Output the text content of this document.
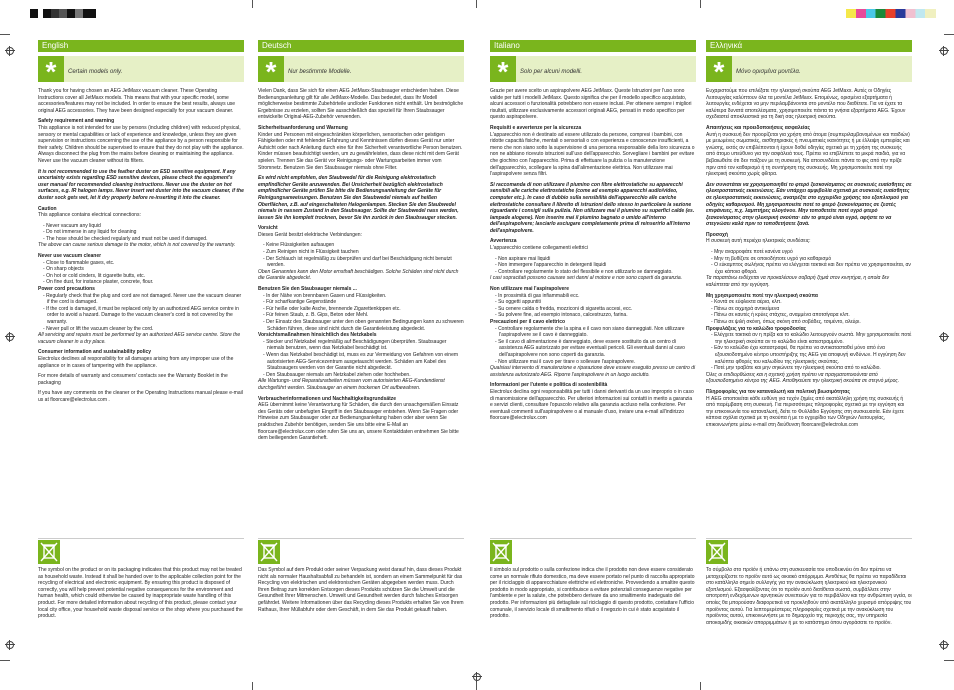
English
*	Certain models only.

Thank you for having chosen an AEG JetMaxx vacuum cleaner. These Operating Instructions cover all JetMaxx models. This means that with your specific model, some accessories/features may not be included. In order to ensure the best results, always use original AEG accessories. They have been designed especially for your vacuum cleaner.

Safety requirement and warning

This appliance is not intended for use by persons (including children) with reduced physical, sensory or mental capabilities or lack of experience and knowledge, unless they are given supervision or instructions concerning the use of the appliance by a person responsible for their safety. Children should be supervised to ensure that they do not play with the appliance. Always disconnect the plug from the mains before cleaning or maintaining the appliance. Never use the vacuum cleaner without its filters.

It is not recommended to use the feather duster on ESD sensitive equipment. If any uncertainty exists regarding ESD sensitive devices, please check the equipment's user manual for recommended cleaning instructions. Never use the duster on hot surfaces, e.g. IR halogen lamps. Never insert wet duster into the vacuum cleaner, if the duster sock gets wet, let it dry properly before re-inserting it into the cleaner.

Caution

This appliance contains electrical connections:

- Never vacuum any liquid
- Do not immerse in any liquid for cleaning
- The hose should be checked regularly and must not be used if damaged.

The above can cause serious damage to the motor, which is not covered by the warranty.

Never use vacuum cleaner

- Close to flammable gases, etc.
- On sharp objects
- On hot or cold cinders, lit cigarette butts, etc.
- On fine dust, for instance plaster, concrete, flour.

Power cord precautions

- Regularly check that the plug and cord are not damaged. Never use the vacuum cleaner if the cord is damaged.
- If the cord is damaged, it must be replaced only by an authorized AEG service centre in order to avoid a hazard. Damage to the vacuum cleaner's cord is not covered by the warranty.
- Never pull or lift the vacuum cleaner by the cord.

All servicing and repairs must be performed by an authorized AEG service centre. Store the vacuum cleaner in a dry place.

Consumer information and sustainability policy

Electrolux declines all responsibility for all damages arising from any improper use of the appliance or in cases of tampering with the appliance.

For more details of warranty and consumers' contacts see the Warranty Booklet in the packaging

If you have any comments on the cleaner or the Operating Instructions manual please e-mail us at floorcare@electrolux.com .

Deutsch
*	Nur bestimmte Modelle.

Vielen Dank, dass Sie sich für einen AEG JetMaxx-Staubsauger entschieden haben. Diese Bedienungsanleitung gilt für alle JetMaxx-Modelle. Das bedeutet, dass Ihr Modell möglicherweise bestimmte Zubehörteile und/oder Funktionen nicht enthält. Um bestmögliche Ergebnisse zu erzielen, sollten Sie ausschließlich das speziell für Ihren Staubsauger entwickelte Original-AEG-Zubehör verwenden.

Sicherheitsanforderung und Warnung

Kinder und Personen mit eingeschränkten körperlichen, sensorischen oder geistigen Fähigkeiten oder mit fehlender Erfahrung und Kenntnissen dürfen dieses Gerät nur unter Aufsicht oder nach Anleitung durch eine für ihre Sicherheit verantwortliche Person benutzen. Kinder müssen beaufsichtigt werden, um zu gewährleisten, dass diese nicht mit dem Gerät spielen. Trennen Sie das Gerät vor Reinigungs- oder Wartungsarbeiten immer vom Stromnetz. Benutzen Sie den Staubsauger niemals ohne Filter.

Es wird nicht empfohlen, den Staubwedel für die Reinigung elektrostatisch empfindlicher Geräte anzuwenden. Bei Unsicherheit bezüglich elektrostatisch empfindlicher Geräte prüfen Sie bitte die Bedienungsanleitung der Geräte für Reinigungsanweisungen. Benutzen Sie den Staubwedel niemals auf heißen Oberflächen, z.B. auf eingeschalteten Halogenlampen. Stecken Sie den Staubwedel niemals in nassem Zustand in den Staubsauger. Sollte der Staubwedel nass werden, lassen Sie ihn komplett trocknen, bevor Sie ihn zurück in den Staubsauger stecken.

Vorsicht

Dieses Gerät besitzt elektrische Verbindungen:

- Keine Flüssigkeiten aufsaugen
- Zum Reinigen nicht in Flüssigkeit tauchen
- Der Schlauch ist regelmäßig zu überprüfen und darf bei Beschädigung nicht benutzt werden.

Oben Genanntes kann den Motor ernsthaft beschädigen. Solche Schäden sind nicht durch die Garantie abgedeckt.

Benutzen Sie den Staubsauger niemals ...

- In der Nähe von brennbaren Gasen und Flüssigkeiten.
- Für scharfkantige Gegenstände
- Für heiße oder kalte Asche, brennende Zigarettenkippen etc.
- Für feinen Staub, z. B. Gips, Beton oder Mehl.
- Der Einsatz des Staubsauger unter den oben genannten Bedingungen kann zu schweren Schäden führen, diese sind nicht durch die Garantieleistung abgedeckt.

Vorsichtsmaßnahmen hinsichtlich des Netzkabels

- Stecker und Netzkabel regelmäßig auf Beschädigungen überprüfen. Staubsauger niemals benutzen, wenn das Netzkabel beschädigt ist.
- Wenn das Netzkabel beschädigt ist, muss es zur Vermeidung von Gefahren von einem autorisierten AEG-Servicezentrum ausgetauscht werden. Schäden am Kabel des Staubsaugers werden von der Garantie nicht abgedeckt.
- Den Staubsauger niemals am Netzkabel ziehen oder hochheben.

Alle Wartungs- und Reparaturarbeiten müssen vom autorisierten AEG-Kundendienst durchgeführt werden. Staubsauger an einem trockenen Ort aufbewahren.

Verbraucherinformationen und Nachhaltigkeitsgrundsätze

AEG übernimmt keine Verantwortung für Schäden, die durch den unsachgemäßen Einsatz des Geräts oder unbefugten Eingriff in den Staubsauger entstehen. Wenn Sie Fragen oder Hinweise zum Staubsauger oder zur Bedienungsanleitung haben oder aber wenn Sie praktisches Zubehör benötigen, senden Sie uns bitte eine E-Mail an floorcare@electrolux.com oder rufen Sie uns an, unsere Kontaktdaten entnehmen Sie bitte dem beiliegenden Garantieheft.

Italiano
*	Solo per alcuni modelli.

Grazie per avere scelto un aspirapolvere AEG JetMaxx. Queste Istruzioni per l'uso sono valide per tutti i modelli JetMaxx. Questo significa che per il modello specifico acquistato, alcuni accessori o funzionalità potrebbero non essere inclusi. Per ottenere sempre i migliori risultati, utilizzare esclusivamente accessori originali AEG, pensati in modo specifico per questo aspirapolvere.

Requisiti e avvertenze per la sicurezza

L'apparecchio non è destinato ad essere utilizzato da persone, compresi i bambini, con ridotte capacità fisiche, mentali o sensoriali o con esperienza e conoscenze insufficienti, a meno che non siano sotto la supervisione di una persona responsabile della loro sicurezza o non ne abbiano ricevuto istruzioni sull'uso dell'apparecchio. Sorvegliare i bambini per evitare che giochino con l'apparecchio. Prima di effettuare la pulizia o la manutenzione dell'apparecchio, scollegare la spina dall'alimentazione elettrica. Non utilizzare mai l'aspirapolvere senza filtri.

Si raccomanda di non utilizzare il piumino con fibre elettrostatiche su apparecchi sensibili alle cariche elettrostatiche (come ad esempio apparecchi audio/video, computer etc.). In caso di dubbio sulla sensibilità dell'apparecchio alle cariche elettrostatiche consultare il libretto di istruzioni dello stesso in particolare la sezione riguardante i consigli sulla pulizia. Non utilizzare mai il piumino su superfici calde (es. lampade alogene). Non inserire mai il piumino bagnato o umido all'interno dell'aspirapolvere; lasciarlo asciugare completamente prima di reinserirlo all'interno dell'aspirapolvere.

Avvertenza

L'apparecchio contiene collegamenti elettrici

- Non aspirare mai liquidi
- Non immergere l'apparecchio in detergenti liquidi
- Controllare regolarmente lo stato del flessibile e non utilizzarlo se danneggiato.

I casi sopracitati possono causare seri danni al motore e non sono coperti da garanzia.

Non utilizzare mai l'aspirapolvere

- In prossimità di gas infiammabili ecc.
- Su oggetti appuntiti
- Su cenere calda o fredda, mozziconi di sigaretta accesi, ecc.
- Su polvere fine, ad esempio intonaco, calcestruzzo, farina.

Precauzioni per il cavo elettrico

- Controllare regolarmente che la spina e il cavo non siano danneggiati. Non utilizzare l'aspirapolvere se il cavo è danneggiato.
- Se il cavo di alimentazione è danneggiato, deve essere sostituito da un centro di assistenza AEG autorizzato per evitare eventuali pericoli. Gli eventuali danni al cavo dell'aspirapolvere non sono coperti da garanzia.
- Non utilizzare mai il cavo per tirare o sollevare l'aspirapolvere.

Qualsiasi intervento di manutenzione e riparazione deve essere eseguito presso un centro di assistenza autorizzato AEG. Riporre l'aspirapolvere in un luogo asciutto.

Informazioni per l'utente e politica di sostenibilità

Electrolux declina ogni responsabilità per tutti i danni derivanti da un uso improprio o in caso di manomissione dell'apparecchio. Per ulteriori informazioni sui contatti in merito a garanzia e servizi clienti, consultare l'opuscolo relativo alla garanzia accluso nella confezione. Per eventuali commenti sull'aspirapolvere o al manuale d'uso, inviare una e-mail all'indirizzo floorcare@electrolux.com

Ελληνικά
*	Μόνο ορισμένα μοντέλα.

Ευχαριστούμε που επιλέξατε την ηλεκτρική σκούπα AEG JetMaxx. Αυτές οι Οδηγίες Λειτουργίας καλύπτουν όλα τα μοντέλα JetMaxx. Επομένως, ορισμένα εξαρτήματα ή λειτουργίες ενδέχεται να μην περιλαμβάνονται στο μοντέλο που διαθέτετε. Για να έχετε τα καλύτερα δυνατά αποτελέσματα, χρησιμοποιείτε πάντα τα γνήσια εξαρτήματα AEG. Έχουν σχεδιαστεί αποκλειστικά για τη δική σας ηλεκτρική σκούπα.

Απαιτήσεις και προειδοποιήσεις ασφαλείας

Αυτή η συσκευή δεν προορίζεται για χρήση από άτομα (συμπεριλαμβανομένων και παιδιών) με μειωμένες σωματικές, αισθητηριακές ή πνευματικές ικανότητες ή με έλλειψη εμπειρίας και γνώσης, εκτός αν επιβλέπονται ή έχουν δοθεί οδηγίες σχετικά με τη χρήση της συσκευής από άτομο υπεύθυνο για την ασφάλειά τους. Πρέπει να επιβλέπετε τα μικρά παιδιά, για να βεβαιωθείτε ότι δεν παίζουν με τη συσκευή. Να αποσυνδέετε πάντα το φις από την πρίζα πριν από τον καθαρισμό ή τη συντήρηση της συσκευής. Μη χρησιμοποιείτε ποτέ την ηλεκτρική σκούπα χωρίς φίλτρα.

Δεν συνιστάται να χρησιμοποιηθεί το φτερό ξεσκονίσματος σε συσκευές ευαίσθητες σε ηλεκτροστατικές εκκενώσεις. Εάν υπάρχει αμφιβολία σχετικά με συσκευές ευαίσθητες σε ηλεκτροστατικές εκκενώσεις, ανατρέξτε στο εγχειρίδιο χρήσης του εξοπλισμού για οδηγίες καθαρισμού. Μη χρησιμοποιείτε ποτέ το φτερό ξεσκονίσματος σε ζεστές επιφάνειες, π.χ. λαμπτήρες αλογόνου. Μην τοποθετείτε ποτέ υγρό φτερό ξεσκονίσματος στην ηλεκτρική σκούπα· εάν το φτερό είναι υγρό, αφήστε το να στεγνώσει καλά πριν το τοποθετήσετε ξανά.

Προσοχή

Η συσκευή αυτή περιέχει ηλεκτρικές συνδέσεις:

- Μην αναρροφάτε ποτέ κανένα υγρό
- Μην τη βυθίζετε σε οποιοδήποτε υγρό για καθαρισμό
- Ο εύκαμπτος σωλήνας πρέπει να ελέγχεται τακτικά και δεν πρέπει να χρησιμοποιείται, αν έχει κάποια φθορά.

Τα παραπάνω ενδέχεται να προκαλέσουν σοβαρή ζημιά στον κινητήρα, η οποία δεν καλύπτεται από την εγγύηση.

Μη χρησιμοποιείτε ποτέ την ηλεκτρική σκούπα

- Κοντά σε εύφλεκτα αέρια, κλπ.
- Πάνω σε αιχμηρά αντικείμενα
- Πάνω σε καυτές ή κρύες στάχτες, αναμμένα αποτσίγαρα κλπ.
- Πάνω σε ψιλή σκόνη, όπως σκόνη από σοβάδες, τσιμέντο, αλεύρι.

Προφυλάξεις για το καλώδιο τροφοδοσίας

- Ελέγχετε τακτικά αν η πρίζα και το καλώδιο λειτουργούν σωστά. Μην χρησιμοποιείτε ποτέ την ηλεκτρική σκούπα αν το καλώδιο είναι κατεστραμμένο.
- Εάν το καλώδιο έχει καταστραφεί, θα πρέπει να αντικατασταθεί μόνο από ένα εξουσιοδοτημένο κέντρο υποστήριξης της AEG για αποφυγή κινδύνων. Η εγγύηση δεν καλύπτει φθορές του καλωδίου της ηλεκτρικής σκούπας.
- Ποτέ μην τραβάτε και μην σηκώνετε την ηλεκτρική σκούπα από το καλώδιο.

Όλες οι επιδιορθώσεις και η σχετική χρήση πρέπει να πραγματοποιούνται από εξουσιοδοτημένο κέντρο της AEG. Αποθηκεύετε την ηλεκτρική σκούπα σε στεγνό μέρος.

Πληροφορίες για τον καταναλωτή και πολιτική βιωσιμότητας

Η AEG αποποιείται κάθε ευθύνη για τυχόν ζημίες από ακατάλληλη χρήση της συσκευής ή από παρέμβαση στη συσκευή. Για περισσότερες πληροφορίες σχετικά με την εγγύηση και την επικοινωνία του καταναλωτή, δείτε το Φυλλάδιο Εγγύησης στη συσκευασία. Εάν έχετε κάποια σχόλια σχετικά με τη σκούπα ή με το εγχειρίδιο των Οδηγιών Λειτουργίας, επικοινωνήστε μέσω e-mail στη διεύθυνση floorcare@electrolux.com

The symbol on the product or on its packaging indicates that this product may not be treated as household waste. Instead it shall be handed over to the applicable collection point for the recycling of electrical and electronic equipment. By ensuring this product is disposed of correctly, you will help prevent potential negative consequences for the environment and human health, which could otherwise be caused by inappropriate waste handling of this product. For more detailed information about recycling of this product, please contact your local city office, your household waste disposal service or the shop where you purchased the product.
Das Symbol auf dem Produkt oder seiner Verpackung weist darauf hin, dass dieses Produkt nicht als normaler Haushaltsabfall zu behandeln ist, sondern an einem Sammelpunkt für das Recycling von elektrischen und elektronischen Geräten abgegeben werden muss. Durch Ihren Beitrag zum korrekten Entsorgen dieses Produkts schützen Sie die Umwelt und die Gesundheit Ihrer Mitmenschen. Umwelt und Gesundheit werden durch falsches Entsorgen gefährdet. Weitere Informationen über das Recycling dieses Produkts erhalten Sie von Ihrem Rathaus, Ihrer Müllabfuhr oder dem Geschäft, in dem Sie das Produkt gekauft haben.
Il simbolo sul prodotto o sulla confezione indica che il prodotto non deve essere considerato come un normale rifiuto domestico, ma deve essere portato nel punto di raccolta appropriato per il riciclaggio di apparecchiature elettriche ed elettroniche. Provvedendo a smaltire questo prodotto in modo appropriato, si contribuisce a evitare potenziali conseguenze negative per l'ambiente e per la salute, che potrebbero derivare da uno smaltimento inadeguato del prodotto. Per informazioni più dettagliate sul riciclaggio di questo prodotto, contattare l'ufficio comunale, il servizio locale di smaltimento rifiuti o il negozio in cui è stato acquistato il prodotto.
Το σύμβολο στο προϊόν ή επάνω στη συσκευασία του υποδεικνύει ότι δεν πρέπει να μεταχειρίζεστε το προϊόν αυτό ως οικιακό απόρριμμα. Αντιθέτως θα πρέπει να παραδίδεται στο κατάλληλο σημείο συλλογής για την ανακύκλωση ηλεκτρικού και ηλεκτρονικού εξοπλισμού. Εξασφαλίζοντας ότι το προϊόν αυτό διατίθεται σωστά, συμβάλλετε στην αποτροπή ενδεχόμενων αρνητικών συνεπειών για το περιβάλλον και την ανθρώπινη υγεία, οι οποίες θα μπορούσαν διαφορετικά να προκληθούν από ακατάλληλο χειρισμό απόρριψης του προϊόντος αυτού. Για λεπτομερέστερες πληροφορίες σχετικά με την ανακύκλωση του προϊόντος αυτού, επικοινωνήστε με το δημαρχείο της περιοχής σας, την υπηρεσία αποκομιδής οικιακών απορριμμάτων ή με το κατάστημα όπου αγοράσατε το προϊόν.
